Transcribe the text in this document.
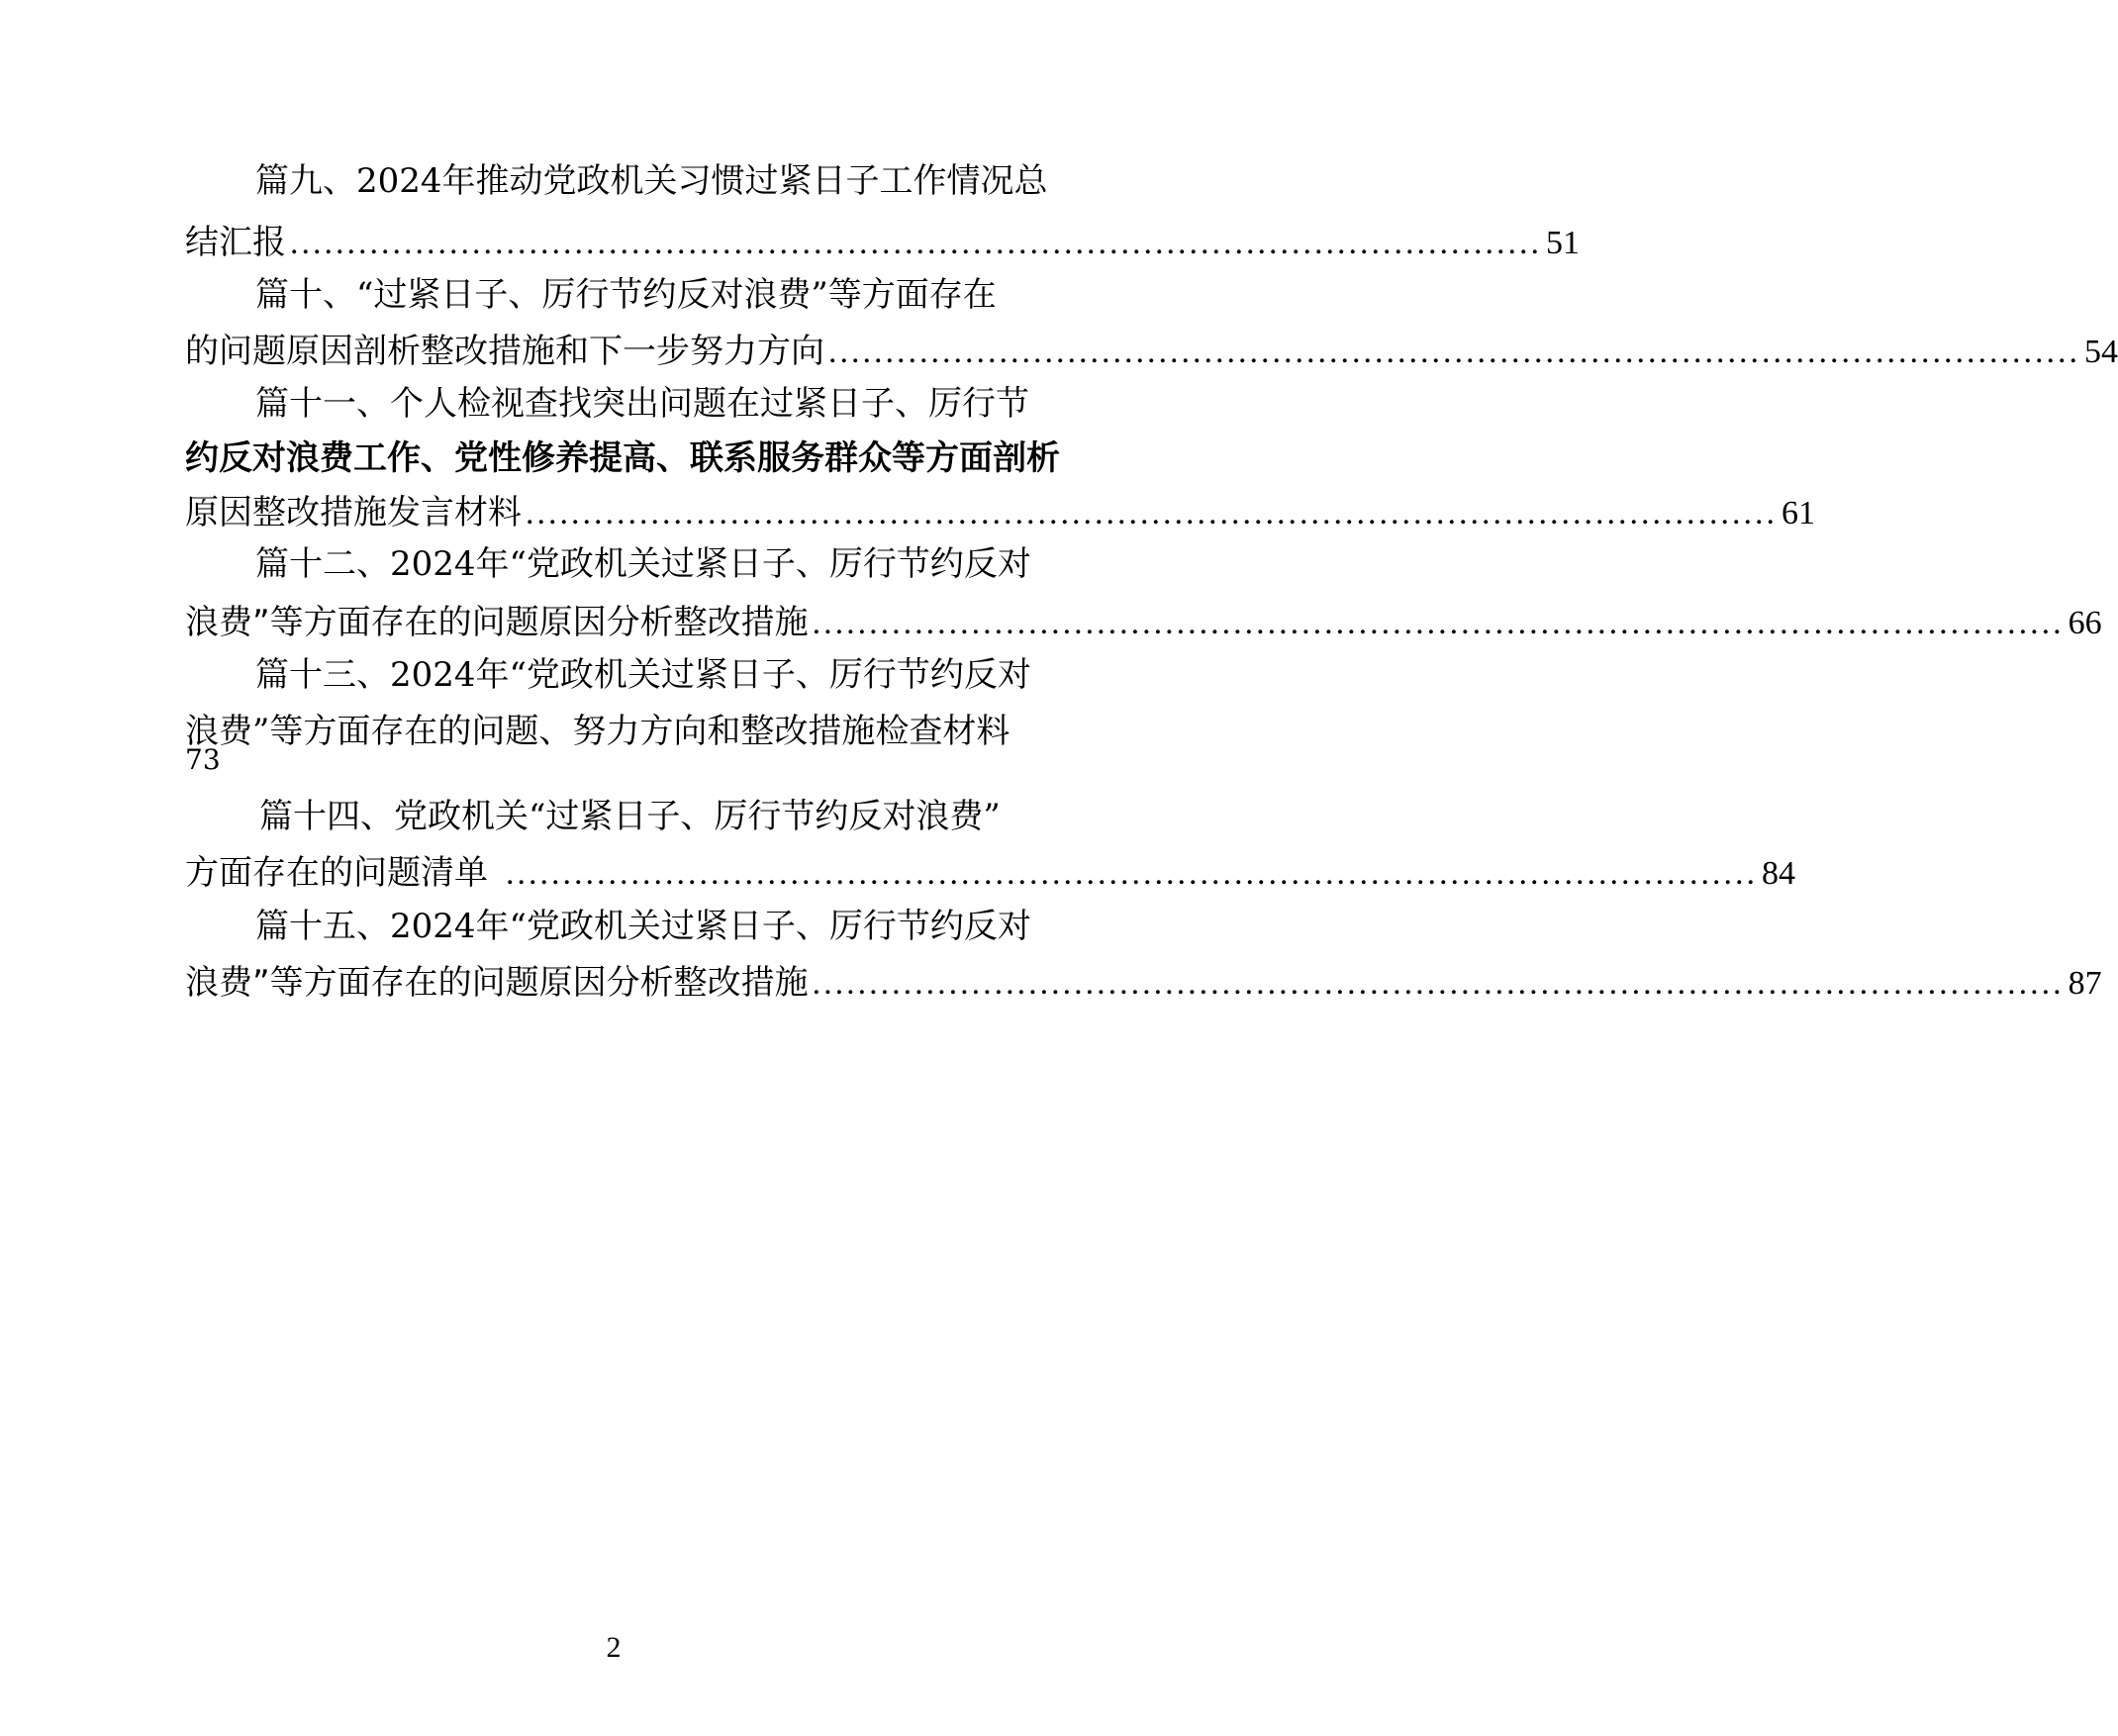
篇九、2024年推动党政机关习惯过紧日子工作情况总
结汇报 .............................................................................................................. 51
篇十、“过紧日子、厉行节约反对浪费”等方面存在
的问题原因剖析整改措施和下一步努力方向 .............................................................................................................. 54
篇十一、个人检视查找突出问题在过紧日子、厉行节
约反对浪费工作、党性修养提高、联系服务群众等方面剖析
原因整改措施发言材料 .............................................................................................................. 61
篇十二、2024年“党政机关过紧日子、厉行节约反对
浪费”等方面存在的问题原因分析整改措施 .............................................................................................................. 66
篇十三、2024年“党政机关过紧日子、厉行节约反对
浪费”等方面存在的问题、努力方向和整改措施检查材料
73
篇十四、党政机关“过紧日子、厉行节约反对浪费”
方面存在的问题清单 .............................................................................................................. 84
篇十五、2024年“党政机关过紧日子、厉行节约反对
浪费”等方面存在的问题原因分析整改措施 .............................................................................................................. 87
2
